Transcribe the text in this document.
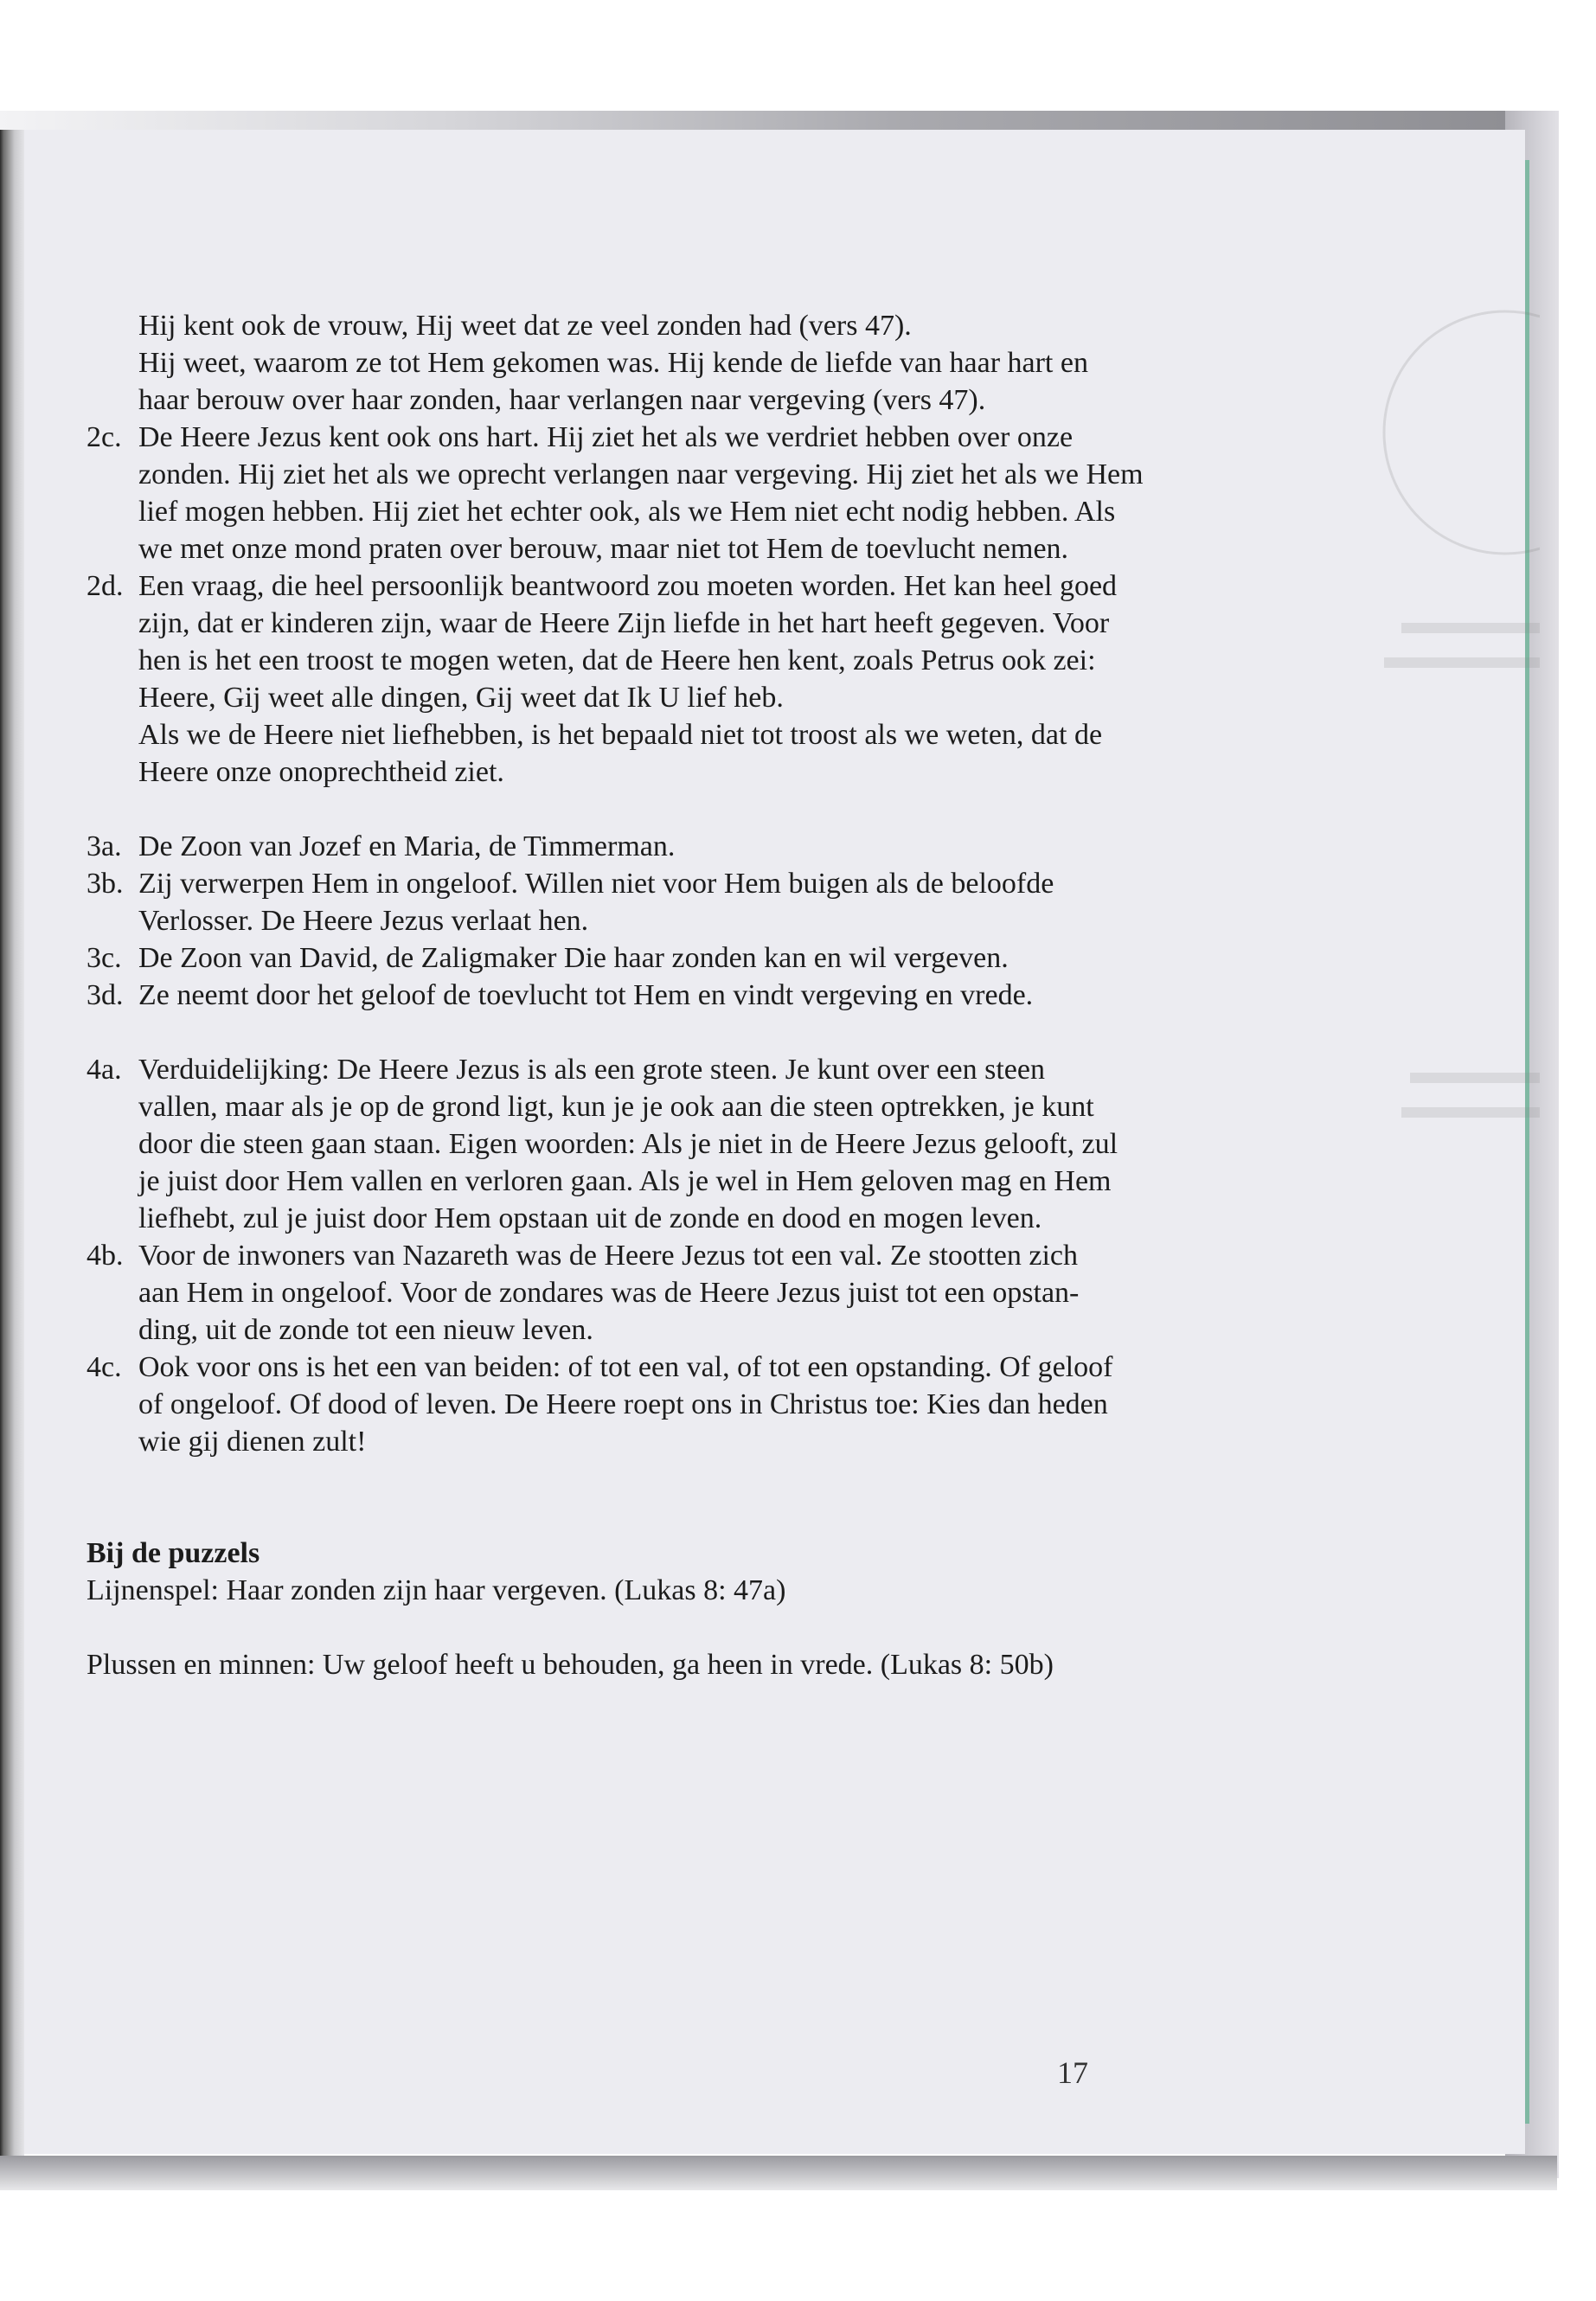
Hij kent ook de vrouw, Hij weet dat ze veel zonden had (vers 47).
Hij weet, waarom ze tot Hem gekomen was. Hij kende de liefde van haar hart en
haar berouw over haar zonden, haar verlangen naar vergeving (vers 47).
2c. De Heere Jezus kent ook ons hart. Hij ziet het als we verdriet hebben over onze
zonden. Hij ziet het als we oprecht verlangen naar vergeving. Hij ziet het als we Hem
lief mogen hebben. Hij ziet het echter ook, als we Hem niet echt nodig hebben. Als
we met onze mond praten over berouw, maar niet tot Hem de toevlucht nemen.
2d. Een vraag, die heel persoonlijk beantwoord zou moeten worden. Het kan heel goed
zijn, dat er kinderen zijn, waar de Heere Zijn liefde in het hart heeft gegeven. Voor
hen is het een troost te mogen weten, dat de Heere hen kent, zoals Petrus ook zei:
Heere, Gij weet alle dingen, Gij weet dat Ik U lief heb.
Als we de Heere niet liefhebben, is het bepaald niet tot troost als we weten, dat de
Heere onze onoprechtheid ziet.
3a. De Zoon van Jozef en Maria, de Timmerman.
3b. Zij verwerpen Hem in ongeloof. Willen niet voor Hem buigen als de beloofde
Verlosser. De Heere Jezus verlaat hen.
3c. De Zoon van David, de Zaligmaker Die haar zonden kan en wil vergeven.
3d. Ze neemt door het geloof de toevlucht tot Hem en vindt vergeving en vrede.
4a. Verduidelijking: De Heere Jezus is als een grote steen. Je kunt over een steen
vallen, maar als je op de grond ligt, kun je je ook aan die steen optrekken, je kunt
door die steen gaan staan. Eigen woorden: Als je niet in de Heere Jezus gelooft, zul
je juist door Hem vallen en verloren gaan. Als je wel in Hem geloven mag en Hem
liefhebt, zul je juist door Hem opstaan uit de zonde en dood en mogen leven.
4b. Voor de inwoners van Nazareth was de Heere Jezus tot een val. Ze stootten zich
aan Hem in ongeloof. Voor de zondares was de Heere Jezus juist tot een opstan-
ding, uit de zonde tot een nieuw leven.
4c. Ook voor ons is het een van beiden: of tot een val, of tot een opstanding. Of geloof
of ongeloof. Of dood of leven. De Heere roept ons in Christus toe: Kies dan heden
wie gij dienen zult!
Bij de puzzels
Lijnenspel: Haar zonden zijn haar vergeven. (Lukas 8: 47a)
Plussen en minnen: Uw geloof heeft u behouden, ga heen in vrede. (Lukas 8: 50b)
17
